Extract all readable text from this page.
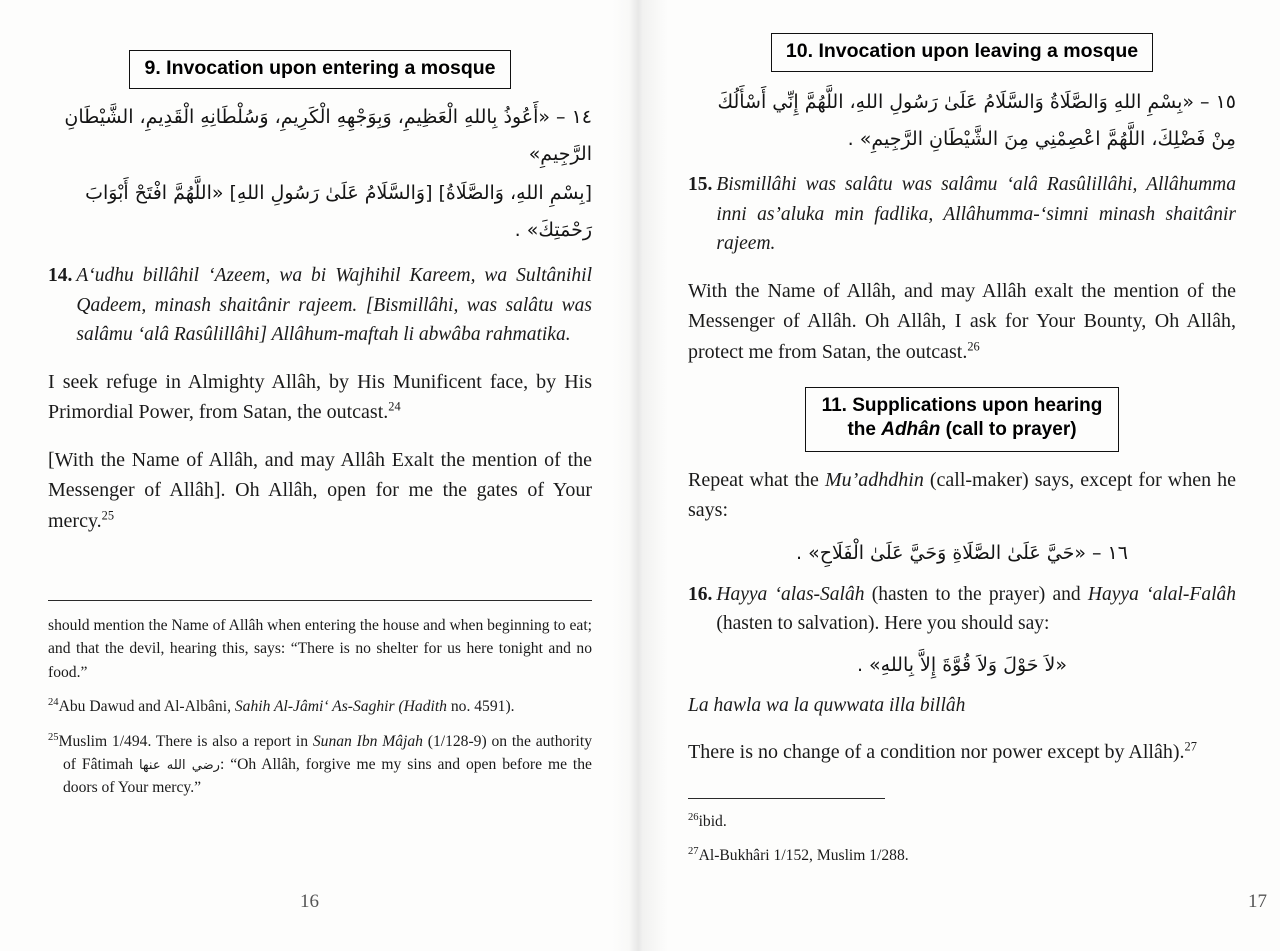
9. Invocation upon entering a mosque
١٤ – «أَعُوذُ بِاللهِ الْعَظِيمِ، وَبِوَجْهِهِ الْكَرِيمِ، وَسُلْطَانِهِ الْقَدِيمِ، الشَّيْطَانِ الرَّجِيمِ»
[بِسْمِ اللهِ، وَالصَّلَاةُ] [وَالسَّلَامُ عَلَىٰ رَسُولِ اللهِ] «اللَّهُمَّ افْتَحْ أَبْوَابَ رَحْمَتِكَ» .
14. A‘udhu billâhil ‘Azeem, wa bi Wajhihil Kareem, wa Sultânihil Qadeem, minash shaitânir rajeem. [Bismillâhi, was salâtu was salâmu ‘alâ Rasûlillâhi] Allâhum-maftah li abwâba rahmatika.

I seek refuge in Almighty Allâh, by His Munificent face, by His Primordial Power, from Satan, the outcast.$^{24}$

[With the Name of Allâh, and may Allâh Exalt the mention of the Messenger of Allâh]. Oh Allâh, open for me the gates of Your mercy.$^{25}$

should mention the Name of Allâh when entering the house and when beginning to eat; and that the devil, hearing this, says: “There is no shelter for us here tonight and no food.”

$^{24}$Abu Dawud and Al-Albâni, Sahih Al-Jâmi‘ As-Saghir (Hadith no. 4591).

$^{25}$Muslim 1/494. There is also a report in Sunan Ibn Mâjah (1/128-9) on the authority of Fâtimah رضي الله عنها: “Oh Allâh, forgive me my sins and open before me the doors of Your mercy.”

16
10. Invocation upon leaving a mosque
١٥ – «بِسْمِ اللهِ وَالصَّلَاةُ وَالسَّلَامُ عَلَىٰ رَسُولِ اللهِ، اللَّهُمَّ إِنِّي أَسْأَلُكَ مِنْ فَضْلِكَ، اللَّهُمَّ اعْصِمْنِي مِنَ الشَّيْطَانِ الرَّجِيمِ» .
15. Bismillâhi was salâtu was salâmu ‘alâ Rasûlillâhi, Allâhumma inni as’aluka min fadlika, Allâhumma-‘simni minash shaitânir rajeem.

With the Name of Allâh, and may Allâh exalt the mention of the Messenger of Allâh. Oh Allâh, I ask for Your Bounty, Oh Allâh, protect me from Satan, the outcast.$^{26}$

11. Supplications upon hearing
the Adhân (call to prayer)

Repeat what the Mu’adhdhin (call-maker) says, except for when he says:

١٦ – «حَيَّ عَلَىٰ الصَّلَاةِ وَحَيَّ عَلَىٰ الْفَلَاحِ» .
16. Hayya ‘alas-Salâh (hasten to the prayer) and Hayya ‘alal-Falâh (hasten to salvation). Here you should say:
«لاَ حَوْلَ وَلاَ قُوَّةَ إِلاَّ بِاللهِ» .

La hawla wa la quwwata illa billâh

There is no change of a condition nor power except by Allâh).$^{27}$

$^{26}$ibid.

$^{27}$Al-Bukhâri 1/152, Muslim 1/288.

17
